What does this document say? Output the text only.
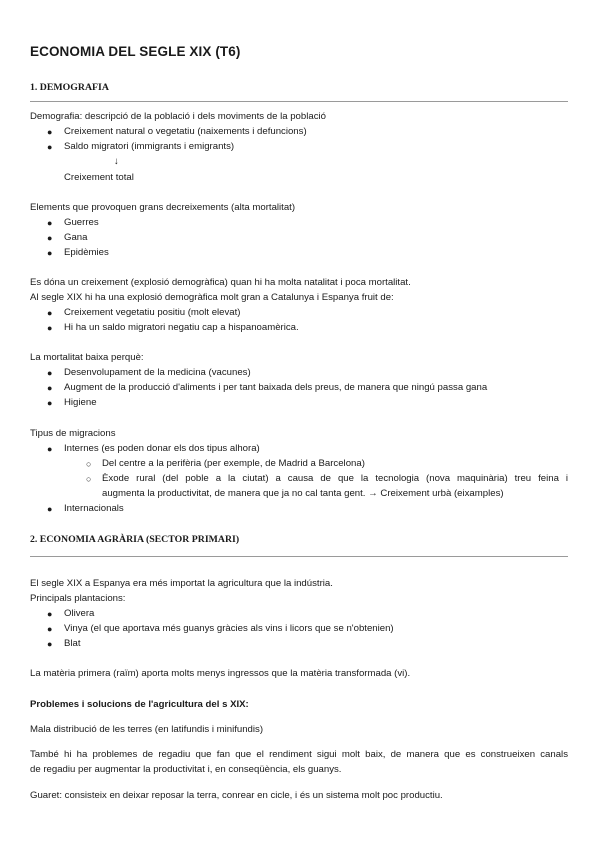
ECONOMIA DEL SEGLE XIX (T6)
1. DEMOGRAFIA
Demografia: descripció de la població i dels moviments de la població
● Creixement natural o vegetatiu (naixements i defuncions)
● Saldo migratori (immigrants i emigrants)
↓
Creixement total
Elements que provoquen grans decreixements (alta mortalitat)
● Guerres
● Gana
● Epidèmies
Es dóna un creixement (explosió demogràfica) quan hi ha molta natalitat i poca mortalitat.
Al segle XIX hi ha una explosió demogràfica molt gran a Catalunya i Espanya fruit de:
● Creixement vegetatiu positiu (molt elevat)
● Hi ha un saldo migratori negatiu cap a hispanoamèrica.
La mortalitat baixa perquè:
● Desenvolupament de la medicina (vacunes)
● Augment de la producció d'aliments i per tant baixada dels preus, de manera que ningú passa gana
● Higiene
Tipus de migracions
● Internes (es poden donar els dos tipus alhora)
○ Del centre a la perifèria (per exemple, de Madrid a Barcelona)
○ Èxode rural (del poble a la ciutat) a causa de que la tecnologia (nova maquinària) treu feina i
augmenta la productivitat, de manera que ja no cal tanta gent. → Creixement urbà (eixamples)
● Internacionals
2. ECONOMIA AGRÀRIA (SECTOR PRIMARI)
El segle XIX a Espanya era més importat la agricultura que la indústria.
Principals plantacions:
● Olivera
● Vinya (el que aportava més guanys gràcies als vins i licors que se n'obtenien)
● Blat
La matèria primera (raïm) aporta molts menys ingressos que la matèria transformada (vi).
Problemes i solucions de l'agricultura del s XIX:
Mala distribució de les terres (en latifundis i minifundis)
També hi ha problemes de regadiu que fan que el rendiment sigui molt baix, de manera que es construeixen canals
de regadiu per augmentar la productivitat i, en conseqüència, els guanys.
Guaret: consisteix en deixar reposar la terra, conrear en cicle, i és un sistema molt poc productiu.
